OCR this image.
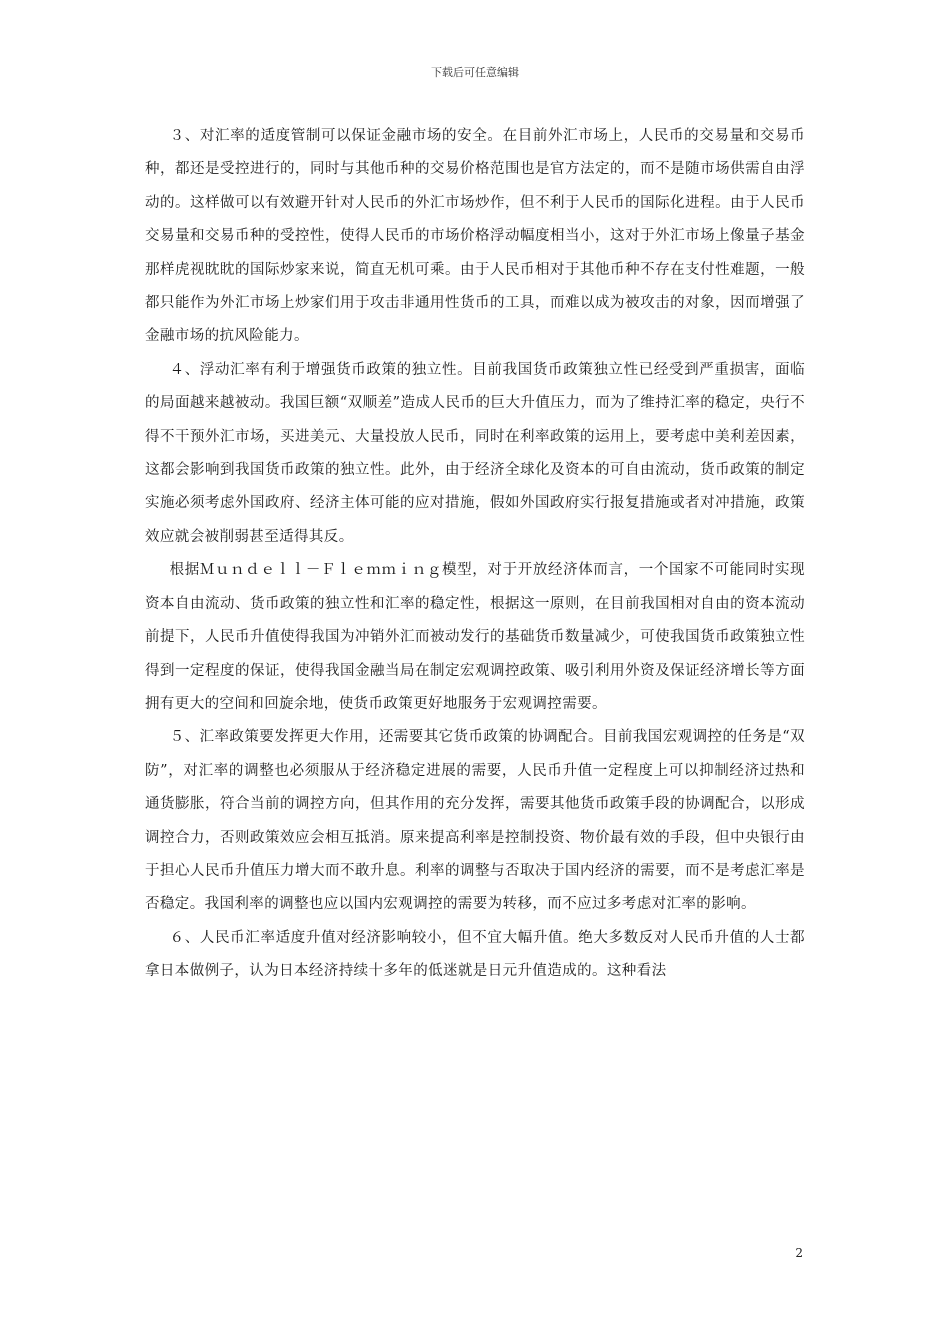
下载后可任意编辑

３、对汇率的适度管制可以保证金融市场的安全。在目前外汇市场上，人民币的交易量和交易币种，都还是受控进行的，同时与其他币种的交易价格范围也是官方法定的，而不是随市场供需自由浮动的。这样做可以有效避开针对人民币的外汇市场炒作，但不利于人民币的国际化进程。由于人民币交易量和交易币种的受控性，使得人民币的市场价格浮动幅度相当小，这对于外汇市场上像量子基金那样虎视眈眈的国际炒家来说，简直无机可乘。由于人民币相对于其他币种不存在支付性难题，一般都只能作为外汇市场上炒家们用于攻击非通用性货币的工具，而难以成为被攻击的对象，因而增强了金融市场的抗风险能力。

４、浮动汇率有利于增强货币政策的独立性。目前我国货币政策独立性已经受到严重损害，面临的局面越来越被动。我国巨额“双顺差”造成人民币的巨大升值压力，而为了维持汇率的稳定，央行不得不干预外汇市场，买进美元、大量投放人民币，同时在利率政策的运用上，要考虑中美利差因素，这都会影响到我国货币政策的独立性。此外，由于经济全球化及资本的可自由流动，货币政策的制定实施必须考虑外国政府、经济主体可能的应对措施，假如外国政府实行报复措施或者对冲措施，政策效应就会被削弱甚至适得其反。

根据Ｍｕｎｄｅｌｌ－Ｆｌｅｍｍｉｎｇ模型，对于开放经济体而言，一个国家不可能同时实现资本自由流动、货币政策的独立性和汇率的稳定性，根据这一原则，在目前我国相对自由的资本流动前提下，人民币升值使得我国为冲销外汇而被动发行的基础货币数量减少，可使我国货币政策独立性得到一定程度的保证，使得我国金融当局在制定宏观调控政策、吸引利用外资及保证经济增长等方面拥有更大的空间和回旋余地，使货币政策更好地服务于宏观调控需要。

５、汇率政策要发挥更大作用，还需要其它货币政策的协调配合。目前我国宏观调控的任务是“双防”，对汇率的调整也必须服从于经济稳定进展的需要，人民币升值一定程度上可以抑制经济过热和通货膨胀，符合当前的调控方向，但其作用的充分发挥，需要其他货币政策手段的协调配合，以形成调控合力，否则政策效应会相互抵消。原来提高利率是控制投资、物价最有效的手段，但中央银行由于担心人民币升值压力增大而不敢升息。利率的调整与否取决于国内经济的需要，而不是考虑汇率是否稳定。我国利率的调整也应以国内宏观调控的需要为转移，而不应过多考虑对汇率的影响。

６、人民币汇率适度升值对经济影响较小，但不宜大幅升值。绝大多数反对人民币升值的人士都拿日本做例子，认为日本经济持续十多年的低迷就是日元升值造成的。这种看法

2
